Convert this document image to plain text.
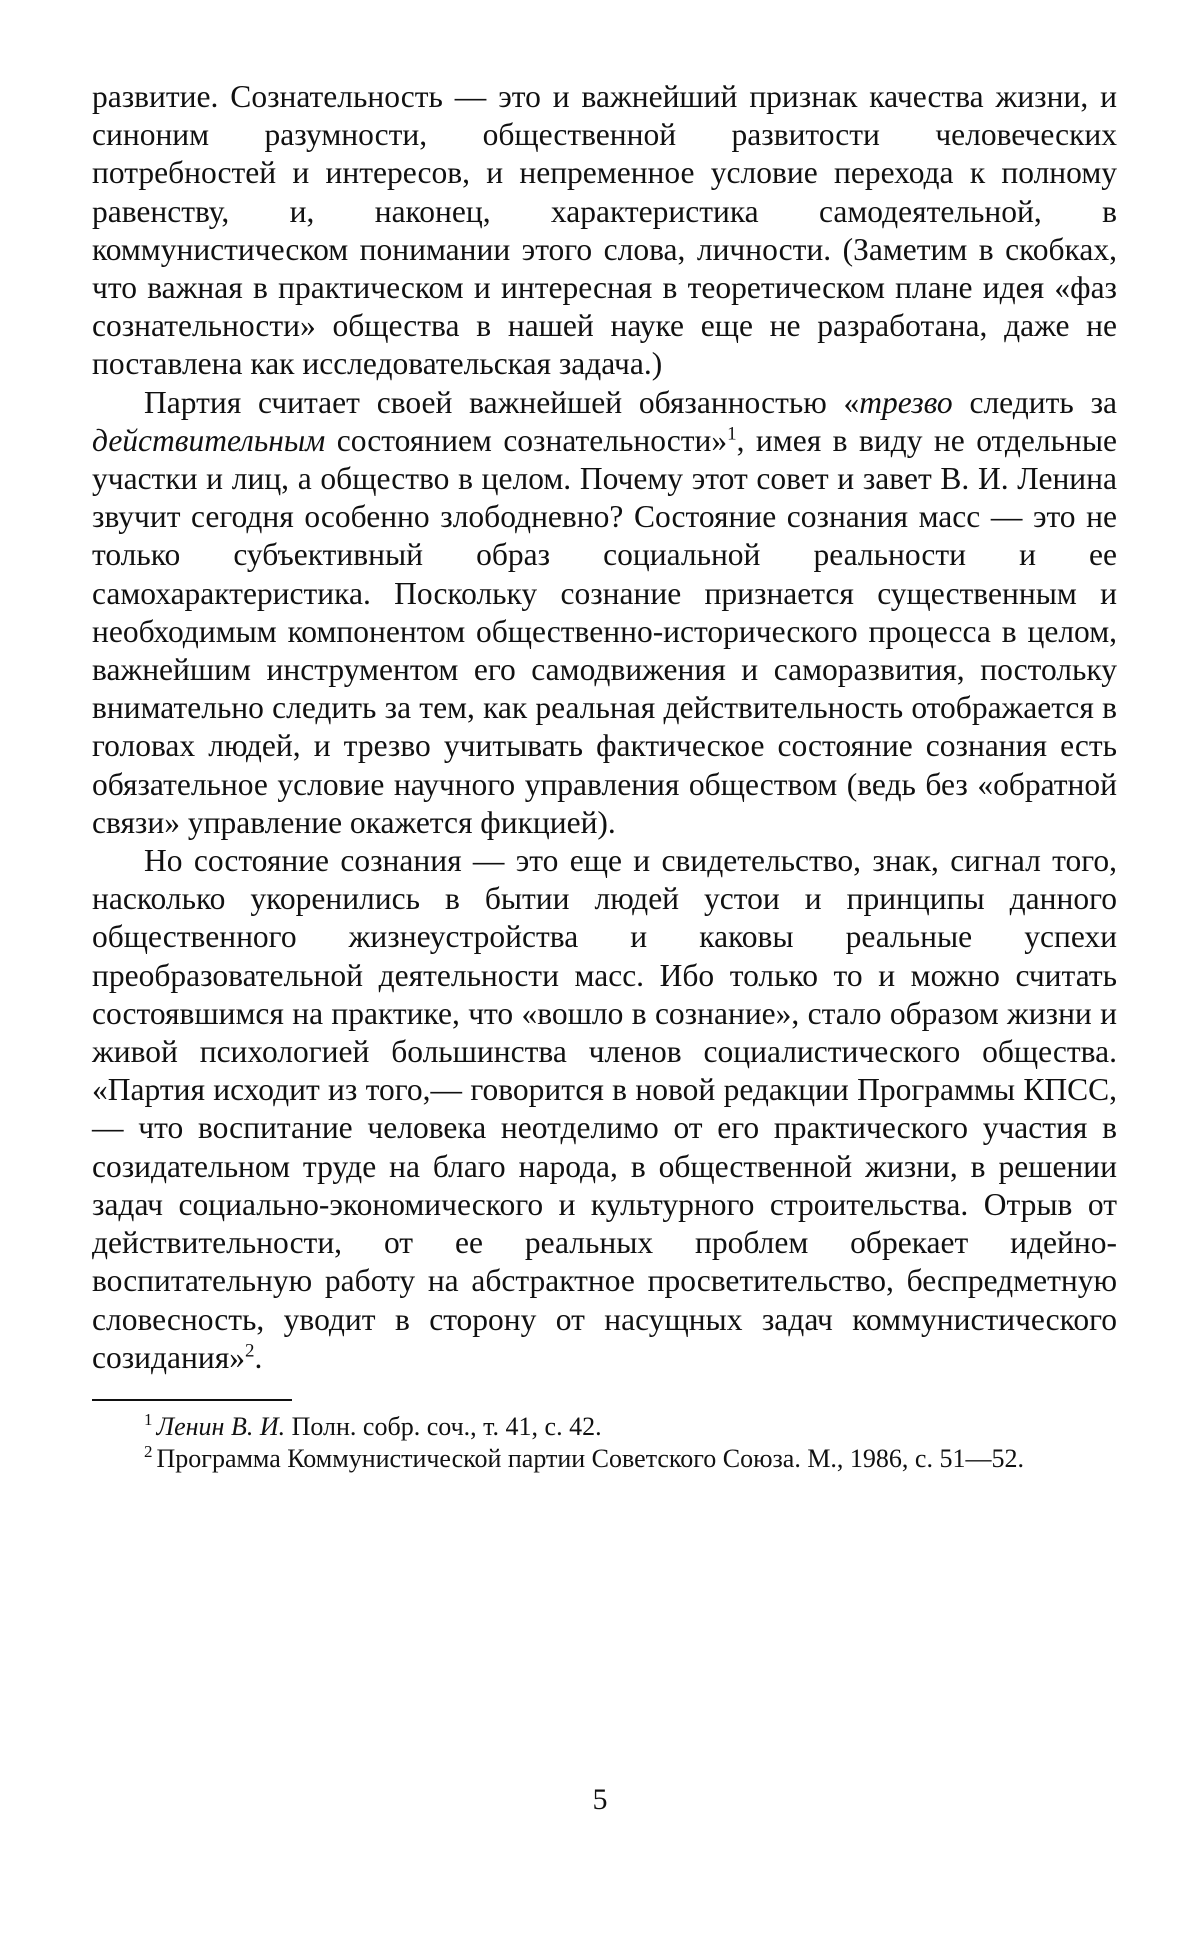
развитие. Сознательность — это и важнейший признак качества жизни, и синоним разумности, общественной развитости человеческих потребностей и интересов, и непременное условие перехода к полному равенству, и, наконец, характеристика самодеятельной, в коммунистическом понимании этого слова, личности. (Заметим в скобках, что важная в практическом и интересная в теоретическом плане идея «фаз сознательности» общества в нашей науке еще не разработана, даже не поставлена как исследовательская задача.)

Партия считает своей важнейшей обязанностью «трезво следить за действительным состоянием сознательности»$^1$, имея в виду не отдельные участки и лиц, а общество в целом. Почему этот совет и завет В. И. Ленина звучит сегодня особенно злободневно? Состояние сознания масс — это не только субъективный образ социальной реальности и ее самохарактеристика. Поскольку сознание признается существенным и необходимым компонентом общественно-исторического процесса в целом, важнейшим инструментом его самодвижения и саморазвития, постольку внимательно следить за тем, как реальная действительность отображается в головах людей, и трезво учитывать фактическое состояние сознания есть обязательное условие научного управления обществом (ведь без «обратной связи» управление окажется фикцией).

Но состояние сознания — это еще и свидетельство, знак, сигнал того, насколько укоренились в бытии людей устои и принципы данного общественного жизнеустройства и каковы реальные успехи преобразовательной деятельности масс. Ибо только то и можно считать состоявшимся на практике, что «вошло в сознание», стало образом жизни и живой психологией большинства членов социалистического общества. «Партия исходит из того,— говорится в новой редакции Программы КПСС,— что воспитание человека неотделимо от его практического участия в созидательном труде на благо народа, в общественной жизни, в решении задач социально-экономического и культурного строительства. Отрыв от действительности, от ее реальных проблем обрекает идейно-воспитательную работу на абстрактное просветительство, беспредметную словесность, уводит в сторону от насущных задач коммунистического созидания»$^2$.

$^1$ Ленин В. И. Полн. собр. соч., т. 41, с. 42.

$^2$ Программа Коммунистической партии Советского Союза. М., 1986, с. 51—52.

5
